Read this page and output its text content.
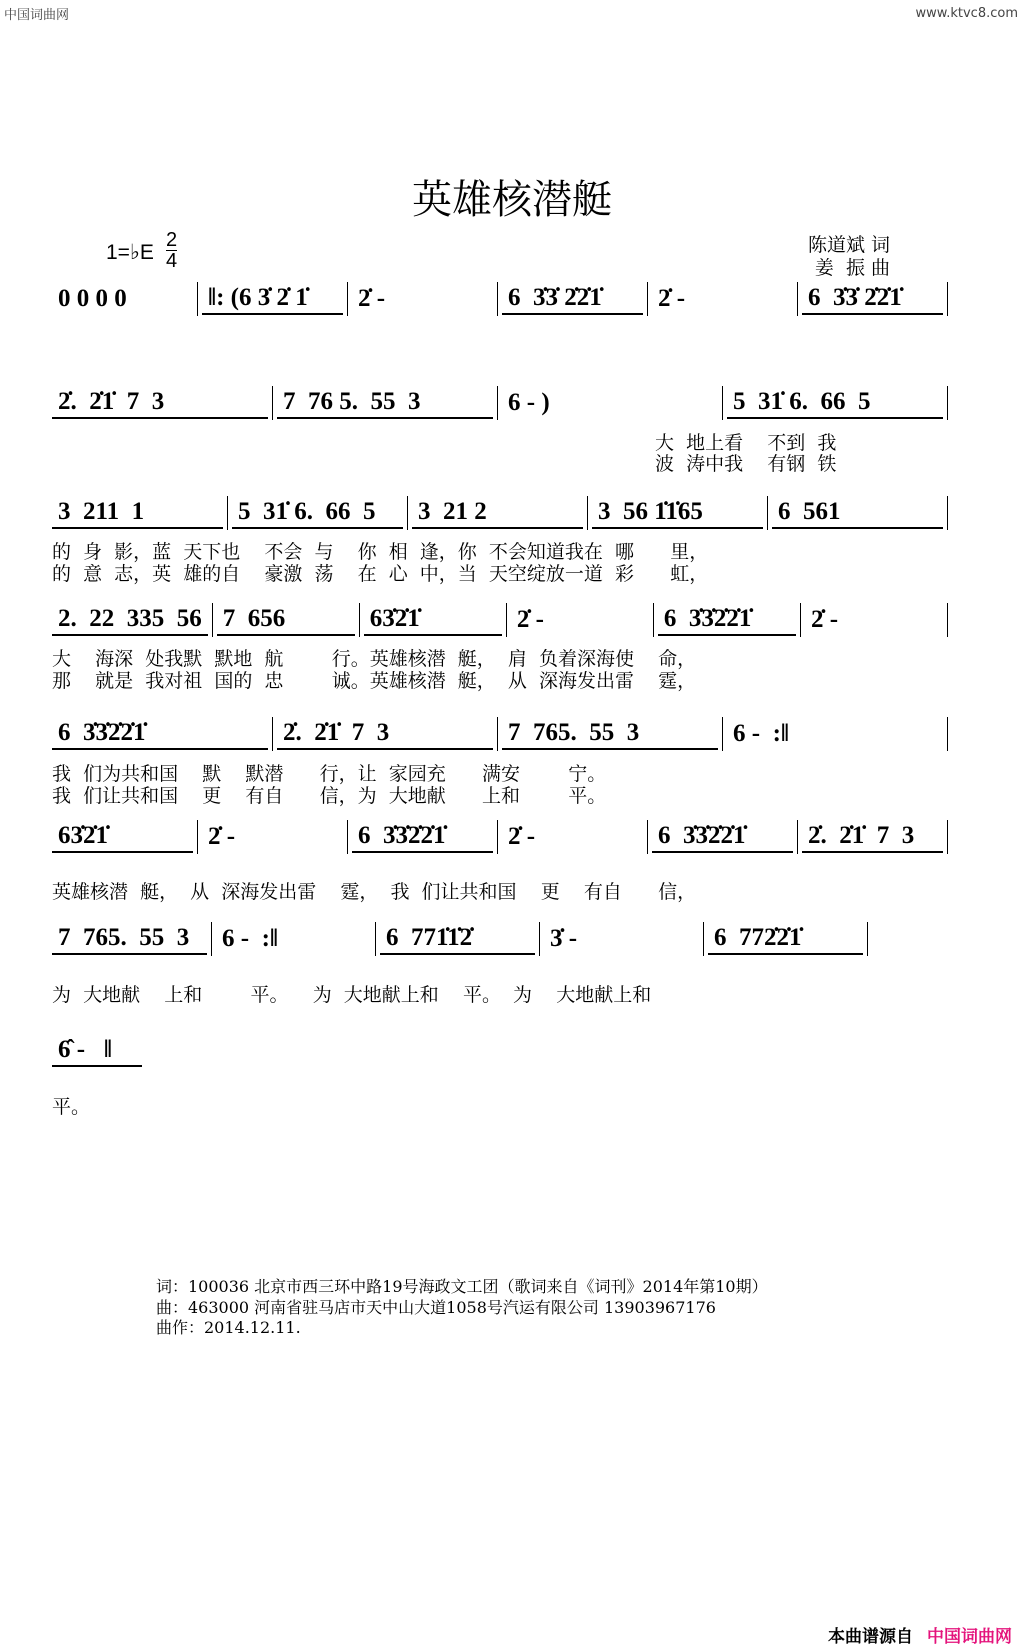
中国词曲网	www.ktvc8.com
英雄核潜艇
1=♭E
2
4
陈道斌 词
姜  振 曲
0 0 0 0	‖: (6 3̇ 2̇ 1̇	2̇ -	6  3̇3̇ 2̇2̇1̇	2̇ -	6  3̇3̇ 2̇2̇1̇
2̇.  2̇1̇  7  3	7  76 5.  55  3	6 - )	5  31̇ 6.  66  5
大  地上看    不到  我
波  涛中我    有钢  铁
3  211  1	5  31̇ 6.  66  5	3  21 2	3  56 1̇1̇65	6  561
的  身  影，蓝  天下也    不会  与    你  相  逢，你  不会知道我在  哪      里，
的  意  志，英  雄的自    豪激  荡    在  心  中，当  天空绽放一道  彩      虹，
2.  22  335  56 7  656	63̇2̇1̇	2̇ -	6  3̇3̇2̇2̇1̇	2̇ -
大    海深  处我默  默地  航        行。英雄核潜  艇，  肩  负着深海使    命，
那    就是  我对祖  国的  忠        诚。英雄核潜  艇，  从  深海发出雷    霆，
6  3̇3̇2̇2̇1̇	2̇.  2̇1̇  7  3	7  765.  55  3	6 -  :‖
我  们为共和国    默    默潜      行，让  家园充      满安        宁。
我  们让共和国    更    有自      信，为  大地献      上和        平。
63̇2̇1̇	2̇ -	6  3̇3̇2̇2̇1̇	2̇ -	6  3̇3̇2̇2̇1̇	2̇.  2̇1̇  7  3
英雄核潜  艇，  从  深海发出雷    霆，  我  们让共和国    更    有自      信，
7  765.  55  3	6 -  :‖	6  771̇1̇2̇	3̇ -	6  772̇2̇1̇
为  大地献    上和        平。    为  大地献上和    平。  为    大地献上和
6̂ -   ‖
平。
词：100036 北京市西三环中路19号海政文工团（歌词来自《词刊》2014年第10期）
曲：463000 河南省驻马店市天中山大道1058号汽运有限公司 13903967176
曲作：2014.12.11.
本曲谱源自 中国词曲网
